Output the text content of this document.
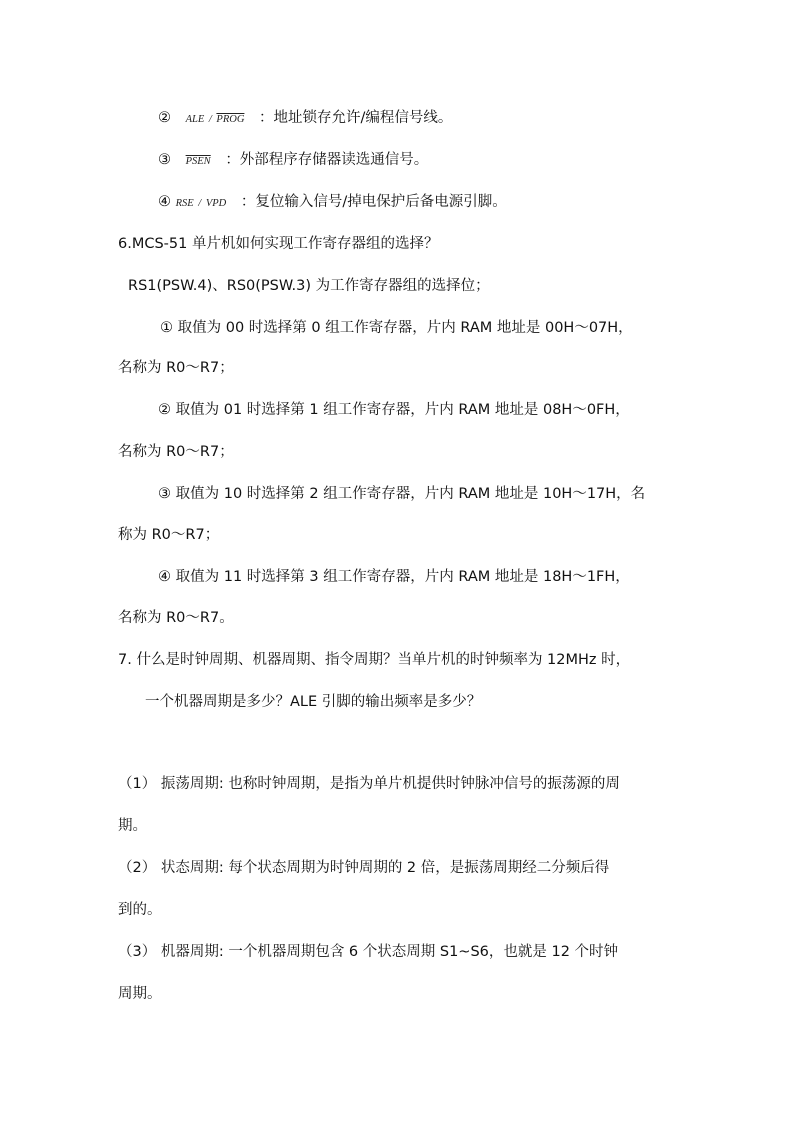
② ALE / PROG ：地址锁存允许/编程信号线。
③ PSEN ：外部程序存储器读选通信号。
④ RSE / VPD ：复位输入信号/掉电保护后备电源引脚。
6.MCS-51 单片机如何实现工作寄存器组的选择？
RS1(PSW.4)、RS0(PSW.3) 为工作寄存器组的选择位；
① 取值为 00 时选择第 0 组工作寄存器，片内 RAM 地址是 00H～07H，
名称为 R0～R7；
② 取值为 01 时选择第 1 组工作寄存器，片内 RAM 地址是 08H～0FH，
名称为 R0～R7；
③ 取值为 10 时选择第 2 组工作寄存器，片内 RAM 地址是 10H～17H，名
称为 R0～R7；
④ 取值为 11 时选择第 3 组工作寄存器，片内 RAM 地址是 18H～1FH，
名称为 R0～R7。
7. 什么是时钟周期、机器周期、指令周期？当单片机的时钟频率为 12MHz 时，
一个机器周期是多少？ALE 引脚的输出频率是多少？
（1） 振荡周期: 也称时钟周期，是指为单片机提供时钟脉冲信号的振荡源的周
期。
（2） 状态周期: 每个状态周期为时钟周期的 2 倍，是振荡周期经二分频后得
到的。
（3） 机器周期: 一个机器周期包含 6 个状态周期 S1~S6，也就是 12 个时钟
周期。
